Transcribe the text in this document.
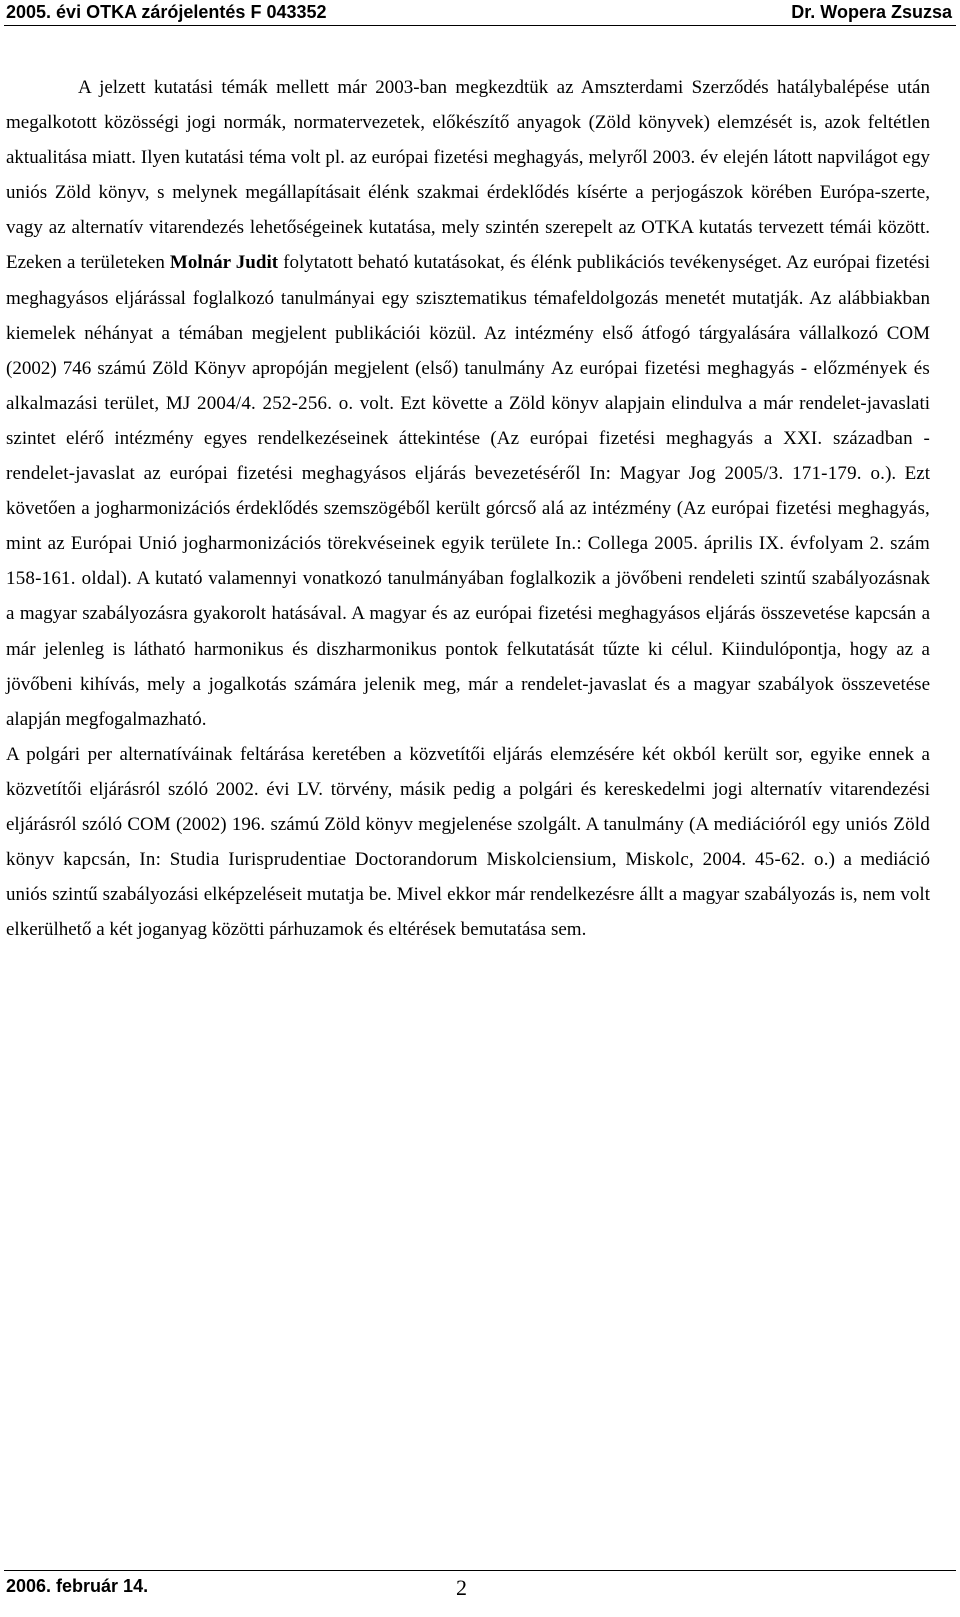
2005. évi OTKA zárójelentés F 043352	Dr. Wopera Zsuzsa

A jelzett kutatási témák mellett már 2003-ban megkezdtük az Amszterdami Szerződés hatálybalépése után megalkotott közösségi jogi normák, normatervezetek, előkészítő anyagok (Zöld könyvek) elemzését is, azok feltétlen aktualitása miatt. Ilyen kutatási téma volt pl. az európai fizetési meghagyás, melyről 2003. év elején látott napvilágot egy uniós Zöld könyv, s melynek megállapításait élénk szakmai érdeklődés kísérte a perjogászok körében Európa-szerte, vagy az alternatív vitarendezés lehetőségeinek kutatása, mely szintén szerepelt az OTKA kutatás tervezett témái között. Ezeken a területeken Molnár Judit folytatott beható kutatásokat, és élénk publikációs tevékenységet. Az európai fizetési meghagyásos eljárással foglalkozó tanulmányai egy szisztematikus témafeldolgozás menetét mutatják. Az alábbiakban kiemelek néhányat a témában megjelent publikációi közül. Az intézmény első átfogó tárgyalására vállalkozó COM (2002) 746 számú Zöld Könyv apropóján megjelent (első) tanulmány Az európai fizetési meghagyás - előzmények és alkalmazási terület, MJ 2004/4. 252-256. o. volt. Ezt követte a Zöld könyv alapjain elindulva a már rendelet-javaslati szintet elérő intézmény egyes rendelkezéseinek áttekintése (Az európai fizetési meghagyás a XXI. században - rendelet-javaslat az európai fizetési meghagyásos eljárás bevezetéséről In: Magyar Jog 2005/3. 171-179. o.). Ezt követően a jogharmonizációs érdeklődés szemszögéből került górcső alá az intézmény (Az európai fizetési meghagyás, mint az Európai Unió jogharmonizációs törekvéseinek egyik területe In.: Collega 2005. április IX. évfolyam 2. szám 158-161. oldal). A kutató valamennyi vonatkozó tanulmányában foglalkozik a jövőbeni rendeleti szintű szabályozásnak a magyar szabályozásra gyakorolt hatásával. A magyar és az európai fizetési meghagyásos eljárás összevetése kapcsán a már jelenleg is látható harmonikus és diszharmonikus pontok felkutatását tűzte ki célul. Kiindulópontja, hogy az a jövőbeni kihívás, mely a jogalkotás számára jelenik meg, már a rendelet-javaslat és a magyar szabályok összevetése alapján megfogalmazható.

A polgári per alternatíváinak feltárása keretében a közvetítői eljárás elemzésére két okból került sor, egyike ennek a közvetítői eljárásról szóló 2002. évi LV. törvény, másik pedig a polgári és kereskedelmi jogi alternatív vitarendezési eljárásról szóló COM (2002) 196. számú Zöld könyv megjelenése szolgált. A tanulmány (A mediációról egy uniós Zöld könyv kapcsán, In: Studia Iurisprudentiae Doctorandorum Miskolciensium, Miskolc, 2004. 45-62. o.) a mediáció uniós szintű szabályozási elképzeléseit mutatja be. Mivel ekkor már rendelkezésre állt a magyar szabályozás is, nem volt elkerülhető a két joganyag közötti párhuzamok és eltérések bemutatása sem.

2006. február 14.	2
